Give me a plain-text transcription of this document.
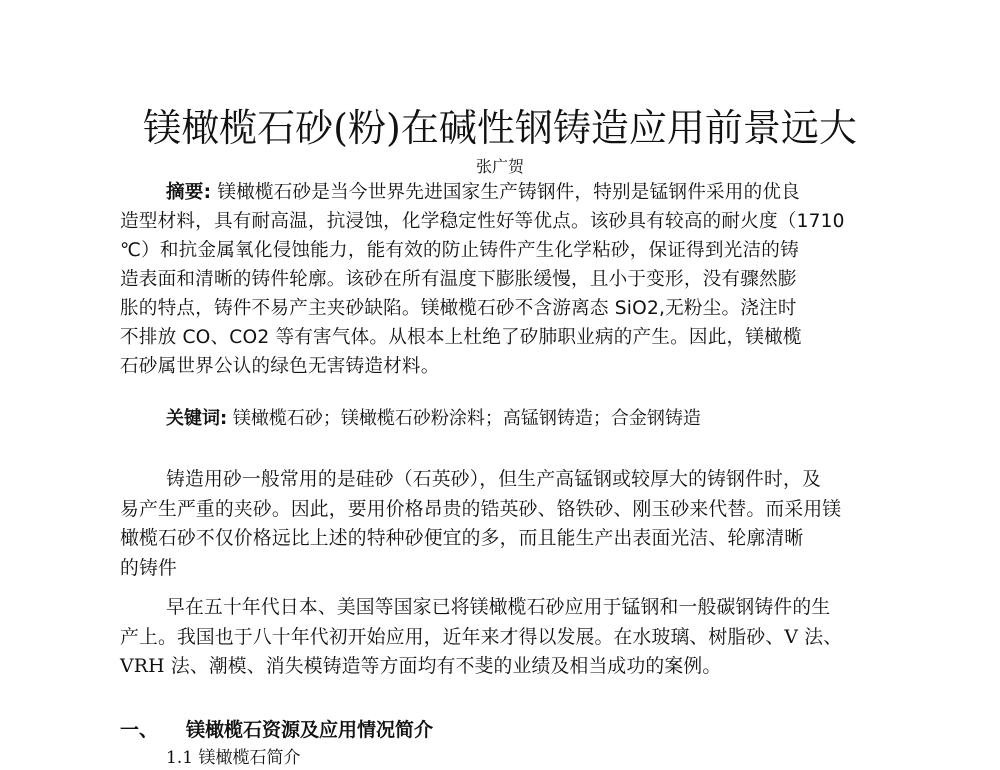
镁橄榄石砂(粉)在碱性钢铸造应用前景远大
张广贺
摘要: 镁橄榄石砂是当今世界先进国家生产铸钢件，特别是锰钢件采用的优良
造型材料，具有耐高温，抗浸蚀，化学稳定性好等优点。该砂具有较高的耐火度（1710
℃）和抗金属氧化侵蚀能力，能有效的防止铸件产生化学粘砂，保证得到光洁的铸
造表面和清晰的铸件轮廓。该砂在所有温度下膨胀缓慢，且小于变形，没有骤然膨
胀的特点，铸件不易产主夹砂缺陷。镁橄榄石砂不含游离态 SiO2,无粉尘。浇注时
不排放 CO、CO2 等有害气体。从根本上杜绝了矽肺职业病的产生。因此，镁橄榄
石砂属世界公认的绿色无害铸造材料。
关键词: 镁橄榄石砂；镁橄榄石砂粉涂料；高锰钢铸造；合金钢铸造
铸造用砂一般常用的是硅砂（石英砂），但生产高锰钢或较厚大的铸钢件时，及
易产生严重的夹砂。因此，要用价格昂贵的锆英砂、铬铁砂、刚玉砂来代替。而采用镁
橄榄石砂不仅价格远比上述的特种砂便宜的多，而且能生产出表面光洁、轮廓清晰
的铸件
早在五十年代日本、美国等国家已将镁橄榄石砂应用于锰钢和一般碳钢铸件的生
产上。我国也于八十年代初开始应用，近年来才得以发展。在水玻璃、树脂砂、V 法、
VRH 法、潮模、消失模铸造等方面均有不斐的业绩及相当成功的案例。
一、 镁橄榄石资源及应用情况简介
1.1 镁橄榄石简介
